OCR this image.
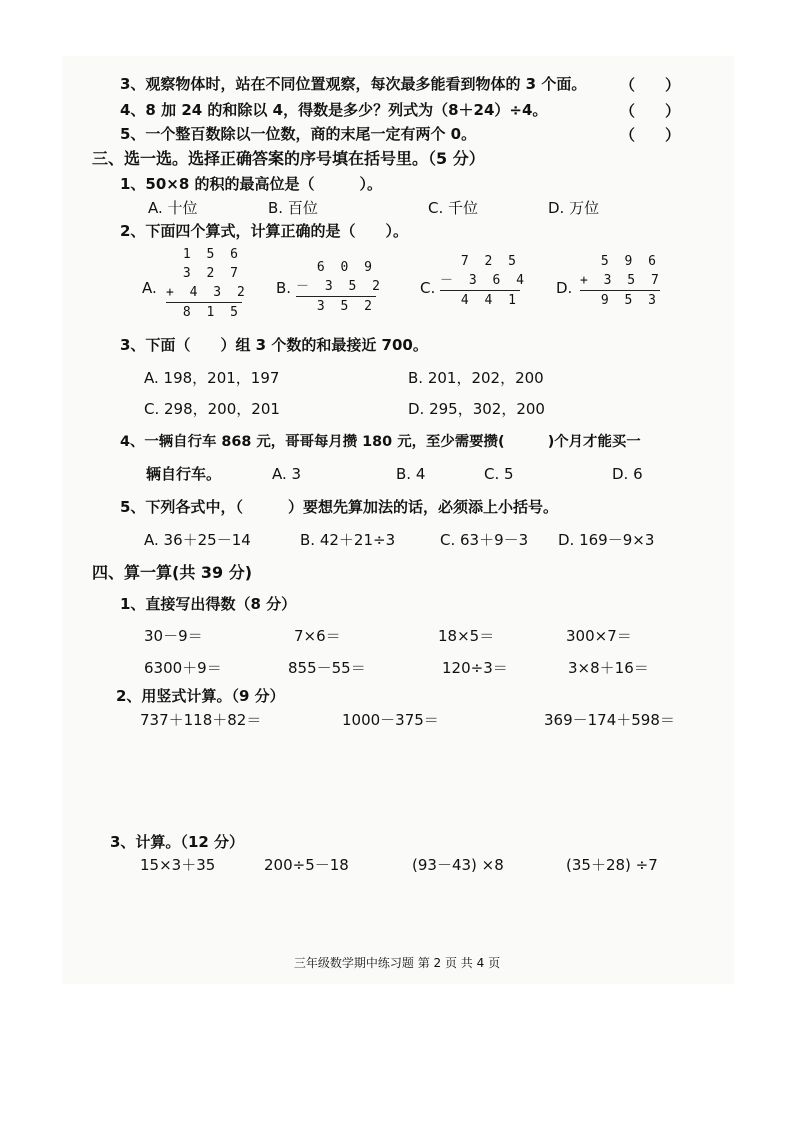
3、观察物体时，站在不同位置观察，每次最多能看到物体的 3 个面。 （　　）
4、8 加 24 的和除以 4，得数是多少？列式为（8＋24）÷4。	（　　）
5、一个整百数除以一位数，商的末尾一定有两个 0。	（　　）
三、选一选。选择正确答案的序号填在括号里。（5 分）
1、50×8 的积的最高位是（　　　）。
A. 十位	B. 百位	C. 千位	D. 万位
2、下面四个算式，计算正确的是（　　）。
A.
1 5 6
3 2 7
+ 4 3 2
8 1 5
B.
6 0 9
－ 3 5 2
3 5 2
C.
7 2 5
－ 3 6 4
4 4 1
D.
5 9 6
+ 3 5 7
9 5 3
3、下面（　　）组 3 个数的和最接近 700。
A. 198，201，197	B. 201，202，200
C. 298，200，201	D. 295，302，200
4、一辆自行车 868 元，哥哥每月攒 180 元，至少需要攒(　　　)个月才能买一
辆自行车。	A. 3	B. 4	C. 5	D. 6
5、下列各式中，（　　　）要想先算加法的话，必须添上小括号。
A. 36＋25－14	B. 42＋21÷3	C. 63＋9－3 D. 169－9×3
四、算一算(共 39 分)
1、直接写出得数（8 分）
30－9＝	7×6＝	18×5＝	300×7＝
6300＋9＝	855－55＝	120÷3＝	3×8＋16＝
2、用竖式计算。（9 分）
737＋118＋82＝	1000－375＝	369－174＋598＝
3、计算。（12 分）
15×3＋35	200÷5－18	(93－43) ×8	(35＋28) ÷7
三年级数学期中练习题 第 2 页 共 4 页
